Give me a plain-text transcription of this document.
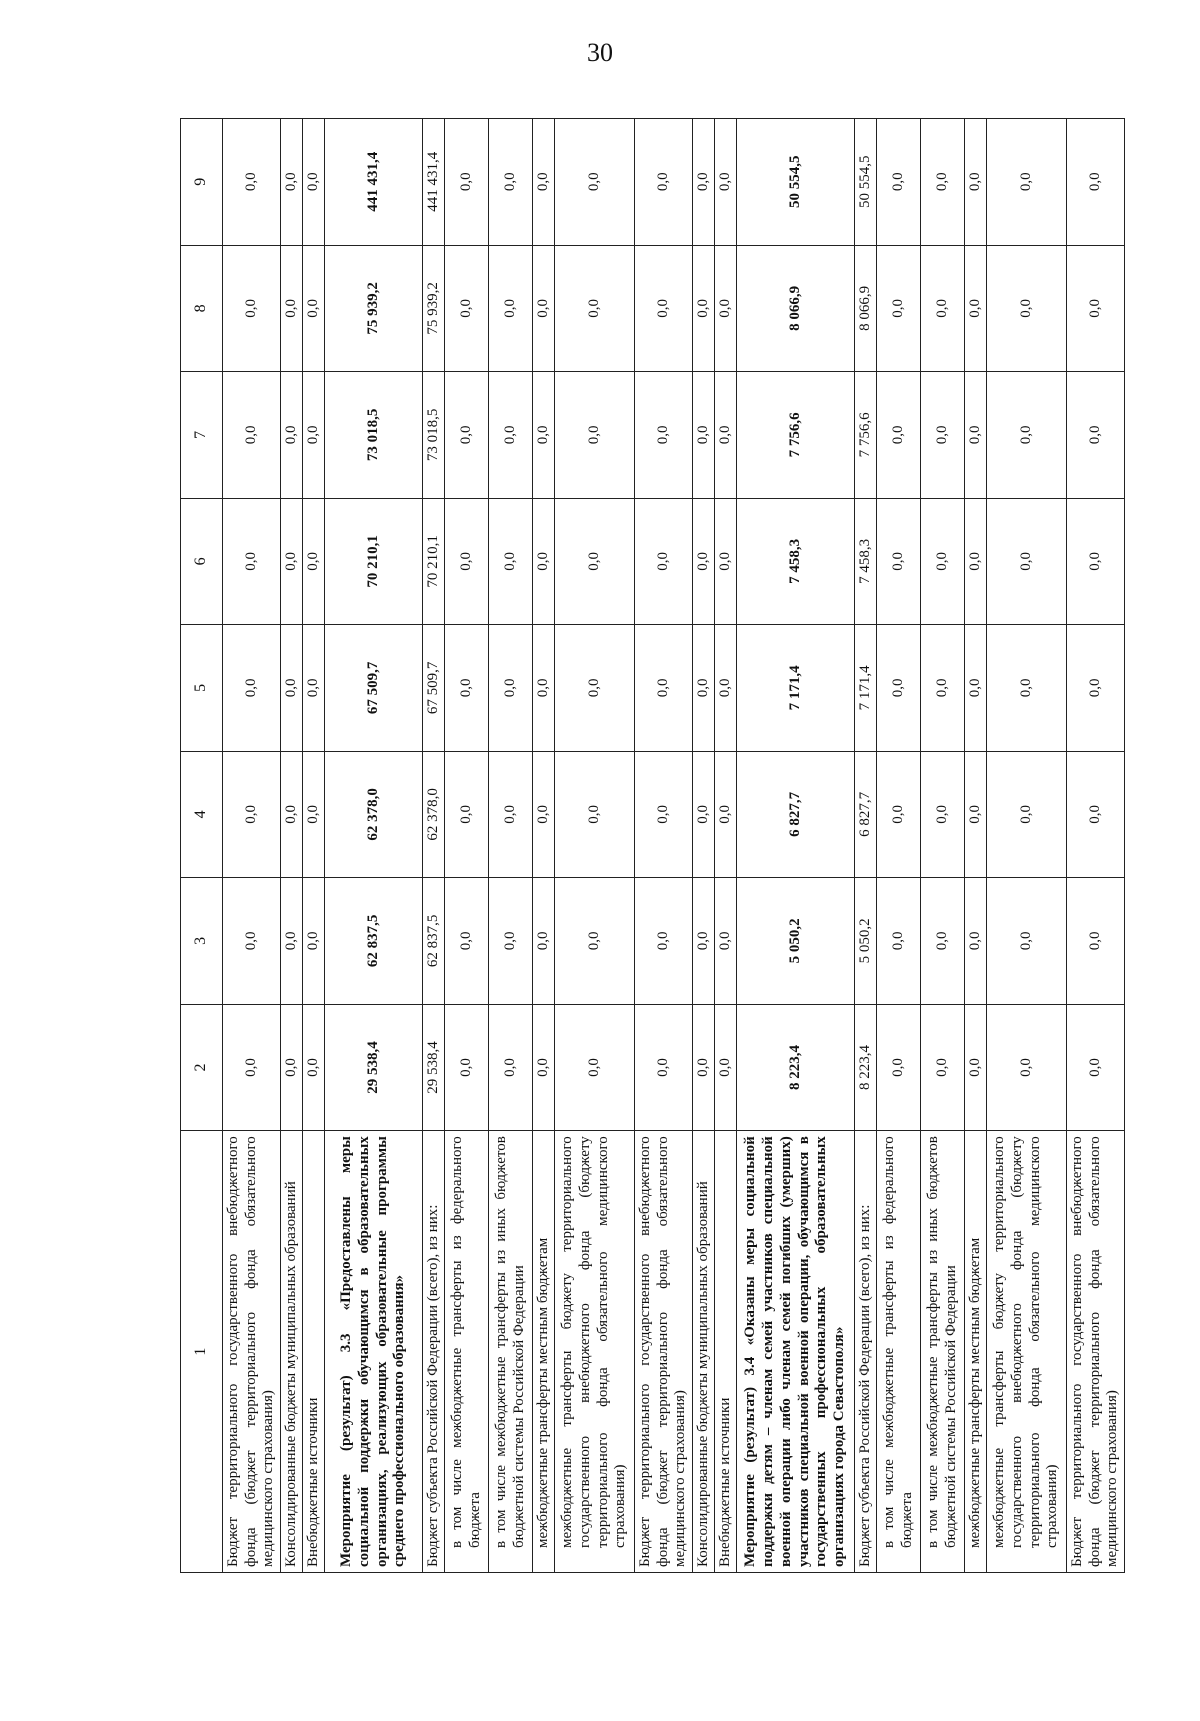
30
1	2	3	4	5	6	7	8	9
Бюджет территориального государственного внебюджетного фонда (бюджет территориального фонда обязательного медицинского страхования)	0,0	0,0	0,0	0,0	0,0	0,0	0,0	0,0
Консолидированные бюджеты муниципальных образований	0,0	0,0	0,0	0,0	0,0	0,0	0,0	0,0
Внебюджетные источники	0,0	0,0	0,0	0,0	0,0	0,0	0,0	0,0
Мероприятие (результат) 3.3 «Предоставлены меры социальной поддержки обучающимся в образовательных организациях, реализующих образовательные программы среднего профессионального образования»	29 538,4	62 837,5	62 378,0	67 509,7	70 210,1	73 018,5	75 939,2	441 431,4
Бюджет субъекта Российской Федерации (всего), из них:	29 538,4	62 837,5	62 378,0	67 509,7	70 210,1	73 018,5	75 939,2	441 431,4
в том числе межбюджетные трансферты из федерального бюджета	0,0	0,0	0,0	0,0	0,0	0,0	0,0	0,0
в том числе межбюджетные трансферты из иных бюджетов бюджетной системы Российской Федерации	0,0	0,0	0,0	0,0	0,0	0,0	0,0	0,0
межбюджетные трансферты местным бюджетам	0,0	0,0	0,0	0,0	0,0	0,0	0,0	0,0
межбюджетные трансферты бюджету территориального государственного внебюджетного фонда (бюджету территориального фонда обязательного медицинского страхования)	0,0	0,0	0,0	0,0	0,0	0,0	0,0	0,0
Бюджет территориального государственного внебюджетного фонда (бюджет территориального фонда обязательного медицинского страхования)	0,0	0,0	0,0	0,0	0,0	0,0	0,0	0,0
Консолидированные бюджеты муниципальных образований	0,0	0,0	0,0	0,0	0,0	0,0	0,0	0,0
Внебюджетные источники	0,0	0,0	0,0	0,0	0,0	0,0	0,0	0,0
Мероприятие (результат) 3.4 «Оказаны меры социальной поддержки детям – членам семей участников специальной военной операции либо членам семей погибших (умерших) участников специальной военной операции, обучающимся в государственных профессиональных образовательных организациях города Севастополя»	8 223,4	5 050,2	6 827,7	7 171,4	7 458,3	7 756,6	8 066,9	50 554,5
Бюджет субъекта Российской Федерации (всего), из них:	8 223,4	5 050,2	6 827,7	7 171,4	7 458,3	7 756,6	8 066,9	50 554,5
в том числе межбюджетные трансферты из федерального бюджета	0,0	0,0	0,0	0,0	0,0	0,0	0,0	0,0
в том числе межбюджетные трансферты из иных бюджетов бюджетной системы Российской Федерации	0,0	0,0	0,0	0,0	0,0	0,0	0,0	0,0
межбюджетные трансферты местным бюджетам	0,0	0,0	0,0	0,0	0,0	0,0	0,0	0,0
межбюджетные трансферты бюджету территориального государственного внебюджетного фонда (бюджету территориального фонда обязательного медицинского страхования)	0,0	0,0	0,0	0,0	0,0	0,0	0,0	0,0
Бюджет территориального государственного внебюджетного фонда (бюджет территориального фонда обязательного медицинского страхования)	0,0	0,0	0,0	0,0	0,0	0,0	0,0	0,0
